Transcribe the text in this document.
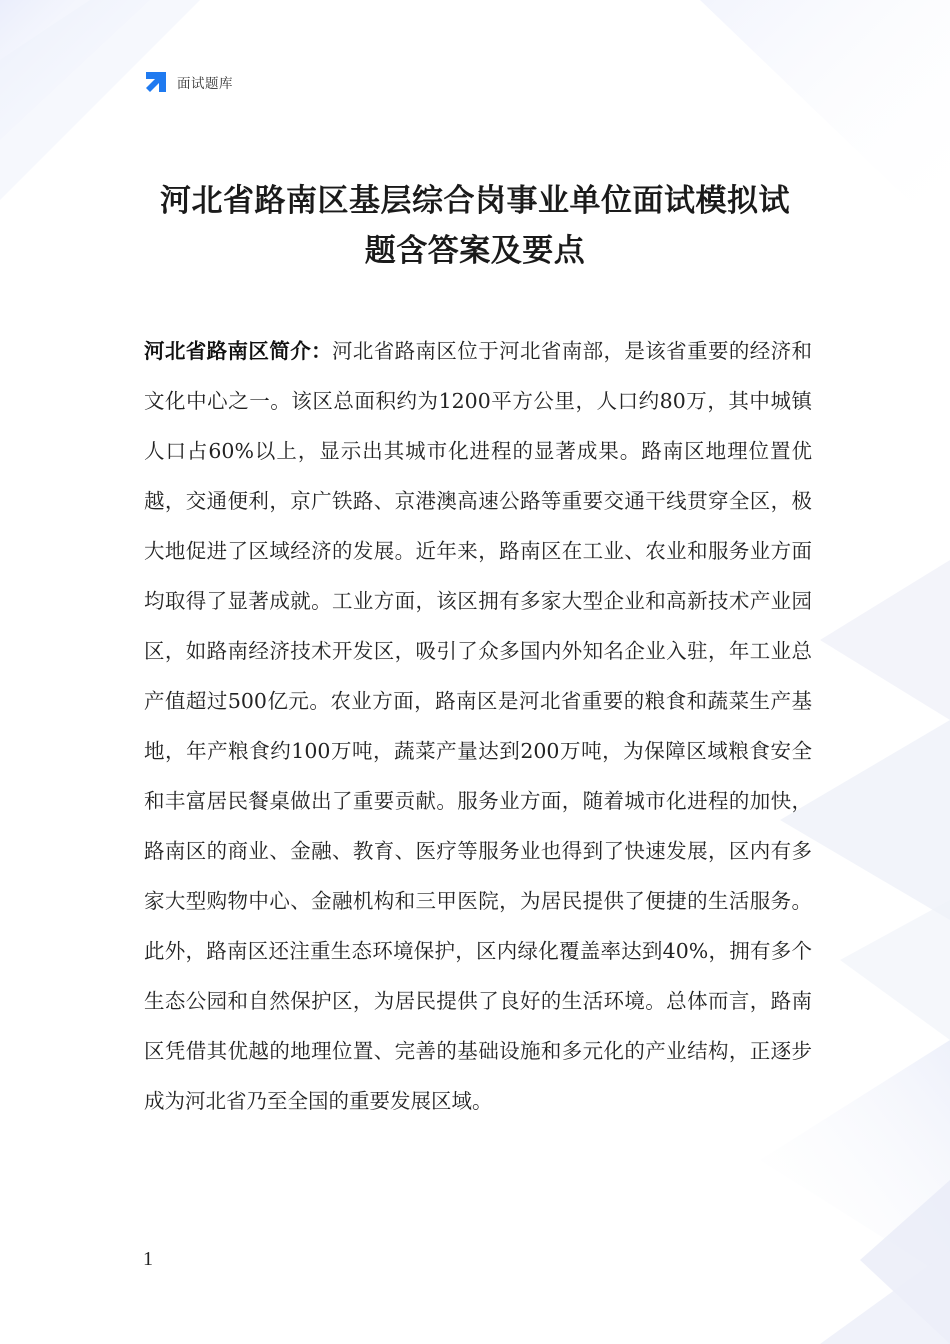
面试题库
河北省路南区基层综合岗事业单位面试模拟试
题含答案及要点

河北省路南区简介：河北省路南区位于河北省南部，是该省重要的经济和文化中心之一。该区总面积约为1200平方公里，人口约80万，其中城镇人口占60%以上，显示出其城市化进程的显著成果。路南区地理位置优越，交通便利，京广铁路、京港澳高速公路等重要交通干线贯穿全区，极大地促进了区域经济的发展。近年来，路南区在工业、农业和服务业方面均取得了显著成就。工业方面，该区拥有多家大型企业和高新技术产业园区，如路南经济技术开发区，吸引了众多国内外知名企业入驻，年工业总产值超过500亿元。农业方面，路南区是河北省重要的粮食和蔬菜生产基地，年产粮食约100万吨，蔬菜产量达到200万吨，为保障区域粮食安全和丰富居民餐桌做出了重要贡献。服务业方面，随着城市化进程的加快，路南区的商业、金融、教育、医疗等服务业也得到了快速发展，区内有多家大型购物中心、金融机构和三甲医院，为居民提供了便捷的生活服务。此外，路南区还注重生态环境保护，区内绿化覆盖率达到40%，拥有多个生态公园和自然保护区，为居民提供了良好的生活环境。总体而言，路南区凭借其优越的地理位置、完善的基础设施和多元化的产业结构，正逐步成为河北省乃至全国的重要发展区域。

1
